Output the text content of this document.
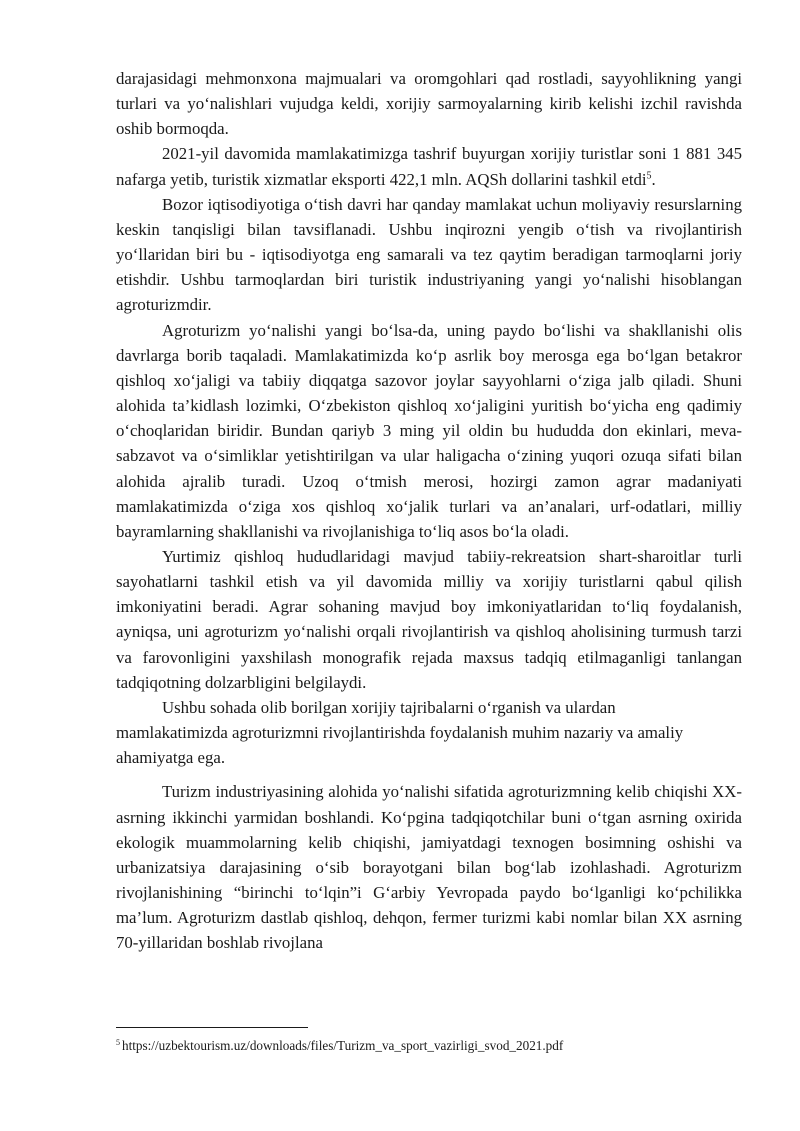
darajasidagi mehmonxona majmualari va oromgohlari qad rostladi, sayyohlikning yangi turlari va yoʻnalishlari vujudga keldi, xorijiy sarmoyalarning kirib kelishi izchil ravishda oshib bormoqda.

2021-yil davomida mamlakatimizga tashrif buyurgan xorijiy turistlar soni 1 881 345 nafarga yetib, turistik xizmatlar eksporti 422,1 mln. AQSh dollarini tashkil etdi$^5$.

Bozor iqtisodiyotiga oʻtish davri har qanday mamlakat uchun moliyaviy resurslarning keskin tanqisligi bilan tavsiflanadi. Ushbu inqirozni yengib oʻtish va rivojlantirish yoʻllaridan biri bu - iqtisodiyotga eng samarali va tez qaytim beradigan tarmoqlarni joriy etishdir. Ushbu tarmoqlardan biri turistik industriyaning yangi yoʻnalishi hisoblangan agroturizmdir.

Agroturizm yoʻnalishi yangi boʻlsa-da, uning paydo boʻlishi va shakllanishi olis davrlarga borib taqaladi. Mamlakatimizda koʻp asrlik boy merosga ega boʻlgan betakror qishloq xoʻjaligi va tabiiy diqqatga sazovor joylar sayyohlarni oʻziga jalb qiladi. Shuni alohida ta’kidlash lozimki, Oʻzbekiston qishloq xoʻjaligini yuritish boʻyicha eng qadimiy oʻchoqlaridan biridir. Bundan qariyb 3 ming yil oldin bu hududda don ekinlari, meva-sabzavot va oʻsimliklar yetishtirilgan va ular haligacha oʻzining yuqori ozuqa sifati bilan alohida ajralib turadi. Uzoq oʻtmish merosi, hozirgi zamon agrar madaniyati mamlakatimizda oʻziga xos qishloq xoʻjalik turlari va an’analari, urf-odatlari, milliy bayramlarning shakllanishi va rivojlanishiga toʻliq asos boʻla oladi.

Yurtimiz qishloq hududlaridagi mavjud tabiiy-rekreatsion shart-sharoitlar turli sayohatlarni tashkil etish va yil davomida milliy va xorijiy turistlarni qabul qilish imkoniyatini beradi. Agrar sohaning mavjud boy imkoniyatlaridan toʻliq foydalanish, ayniqsa, uni agroturizm yoʻnalishi orqali rivojlantirish va qishloq aholisining turmush tarzi va farovonligini yaxshilash monografik rejada maxsus tadqiq etilmaganligi tanlangan tadqiqotning dolzarbligini belgilaydi.

Ushbu sohada olib borilgan xorijiy tajribalarni oʻrganish va ulardan mamlakatimizda agroturizmni rivojlantirishda foydalanish muhim nazariy va amaliy ahamiyatga ega.

Turizm industriyasining alohida yoʻnalishi sifatida agroturizmning kelib chiqishi XX-asrning ikkinchi yarmidan boshlandi. Koʻpgina tadqiqotchilar buni oʻtgan asrning oxirida ekologik muammolarning kelib chiqishi, jamiyatdagi texnogen bosimning oshishi va urbanizatsiya darajasining oʻsib borayotgani bilan bogʻlab izohlashadi. Agroturizm rivojlanishining “birinchi toʻlqin”i Gʻarbiy Yevropada paydo boʻlganligi koʻpchilikka ma’lum. Agroturizm dastlab qishloq, dehqon, fermer turizmi kabi nomlar bilan XX asrning 70-yillaridan boshlab rivojlana

$^5$ https://uzbektourism.uz/downloads/files/Turizm_va_sport_vazirligi_svod_2021.pdf
